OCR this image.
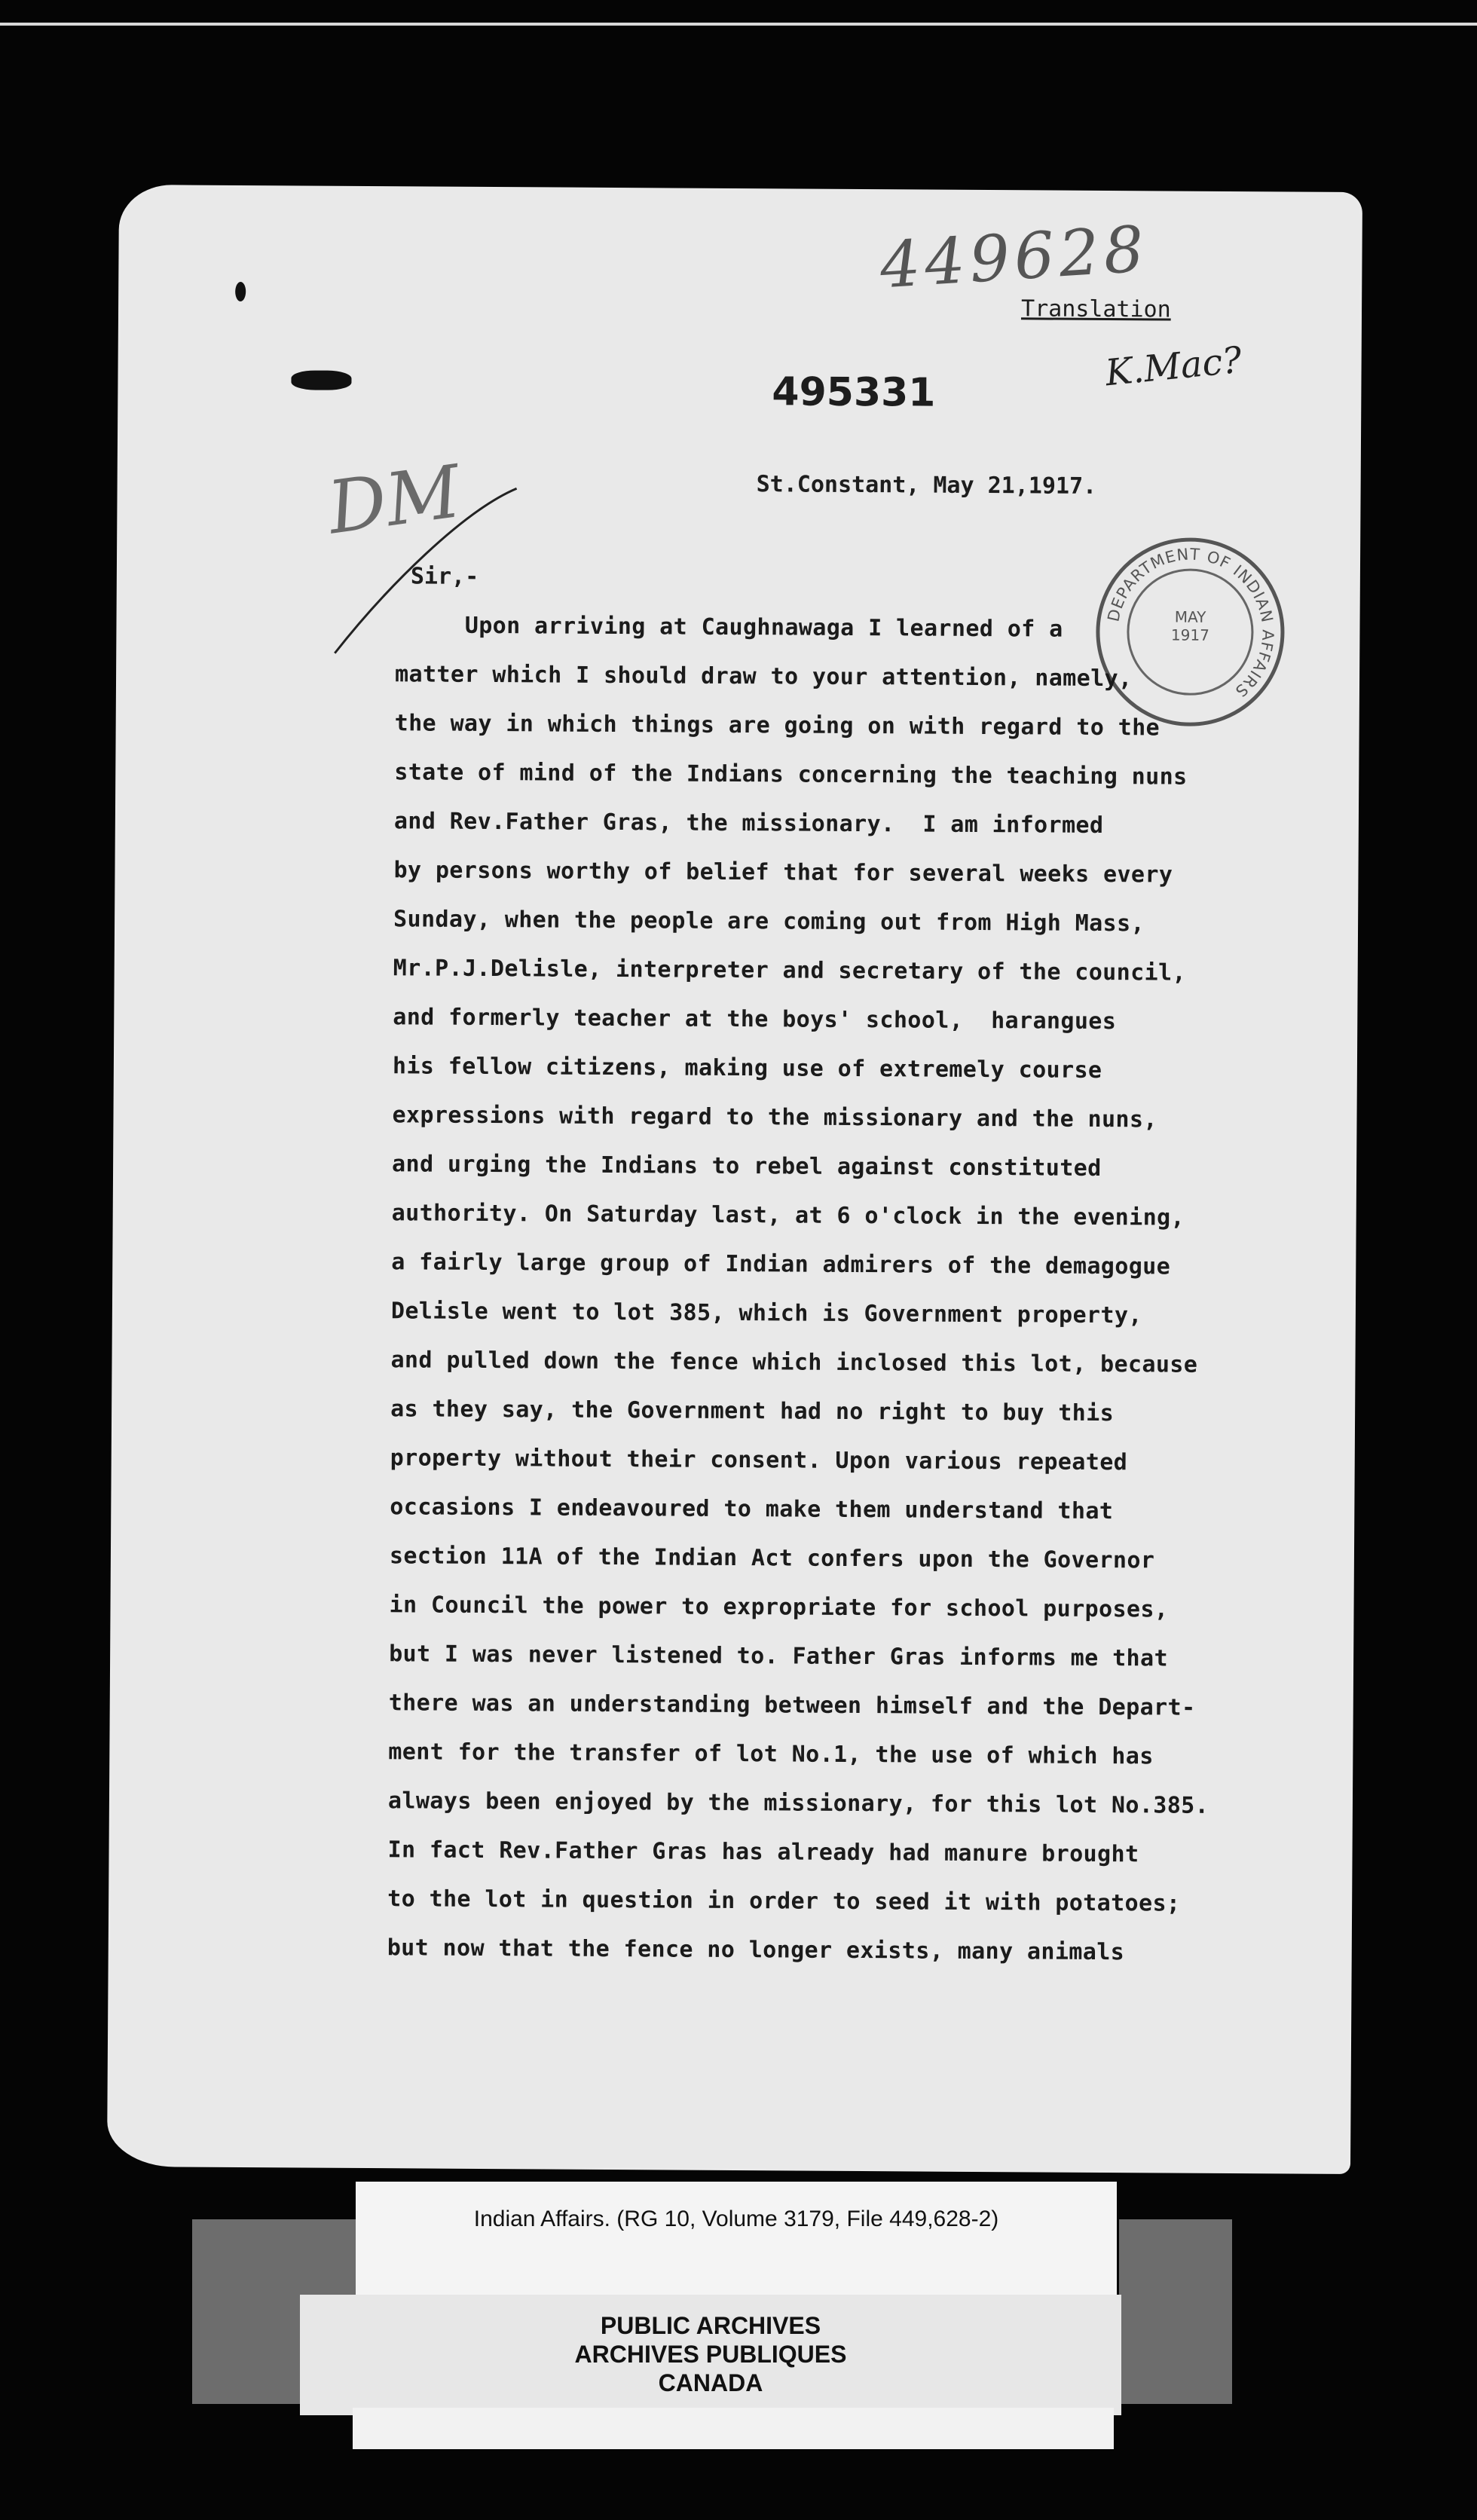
449628
Translation
K.Mac?
495331
St.Constant, May 21,1917.
DM
Sir,-
DEPARTMENT OF INDIAN AFFAIRS
MAY
1917
Upon arriving at Caughnawaga I learned of a
matter which I should draw to your attention, namely,
the way in which things are going on with regard to the
state of mind of the Indians concerning the teaching nuns
and Rev.Father Gras, the missionary.  I am informed
by persons worthy of belief that for several weeks every
Sunday, when the people are coming out from High Mass,
Mr.P.J.Delisle, interpreter and secretary of the council,
and formerly teacher at the boys' school,  harangues
his fellow citizens, making use of extremely course
expressions with regard to the missionary and the nuns,
and urging the Indians to rebel against constituted
authority. On Saturday last, at 6 o'clock in the evening,
a fairly large group of Indian admirers of the demagogue
Delisle went to lot 385, which is Government property,
and pulled down the fence which inclosed this lot, because
as they say, the Government had no right to buy this
property without their consent. Upon various repeated
occasions I endeavoured to make them understand that
section 11A of the Indian Act confers upon the Governor
in Council the power to expropriate for school purposes,
but I was never listened to. Father Gras informs me that
there was an understanding between himself and the Depart-
ment for the transfer of lot No.1, the use of which has
always been enjoyed by the missionary, for this lot No.385.
In fact Rev.Father Gras has already had manure brought
to the lot in question in order to seed it with potatoes;
but now that the fence no longer exists, many animals
Indian Affairs. (RG 10, Volume 3179, File 449,628-2)
PUBLIC ARCHIVES
ARCHIVES PUBLIQUES
CANADA
